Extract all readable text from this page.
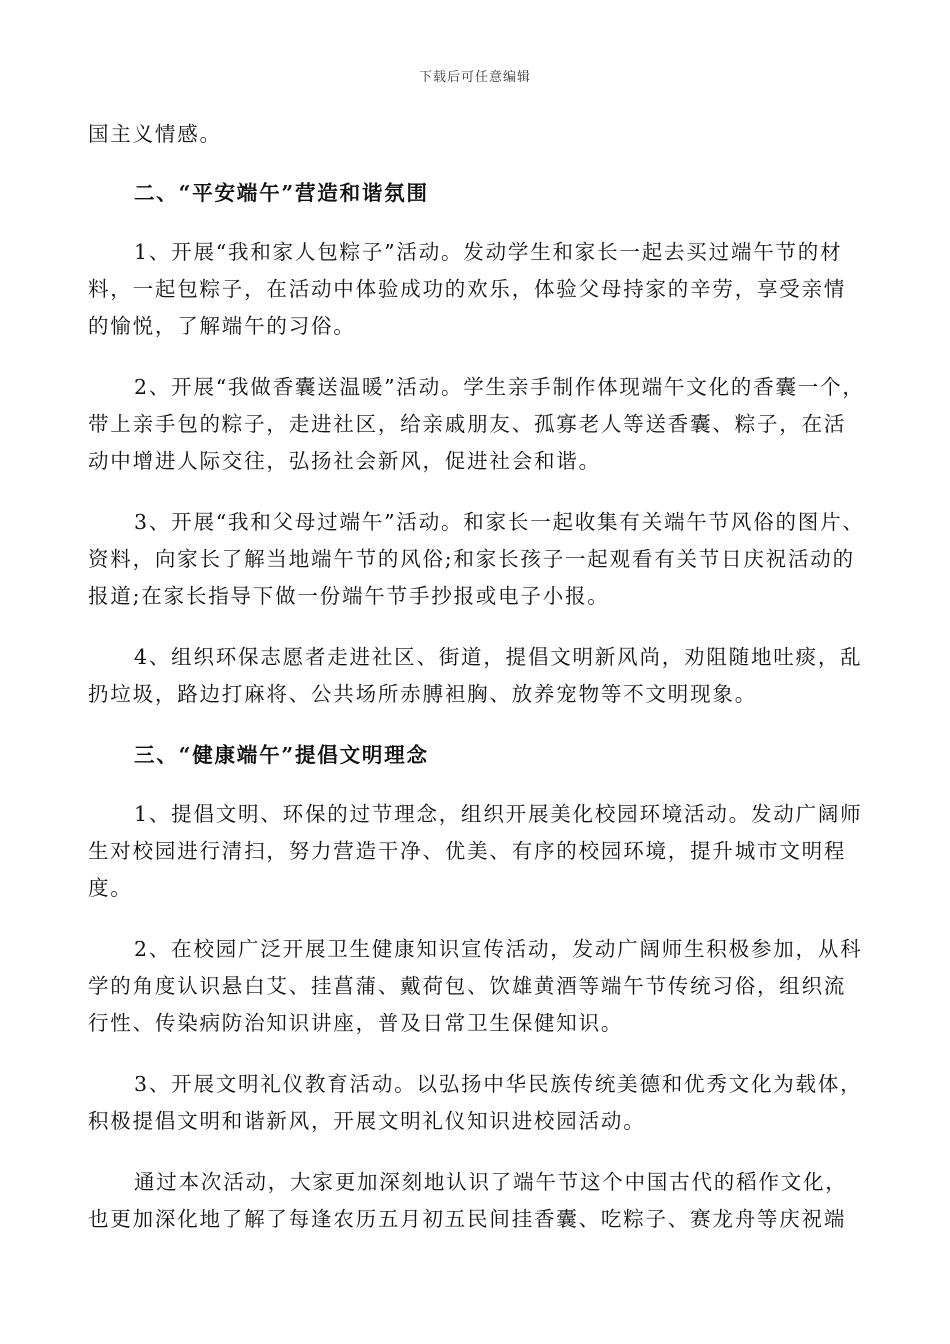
下载后可任意编辑
国主义情感。
二、“平安端午”营造和谐氛围
1、开展“我和家人包粽子”活动。发动学生和家长一起去买过端午节的材
料，一起包粽子，在活动中体验成功的欢乐，体验父母持家的辛劳，享受亲情
的愉悦，了解端午的习俗。
2、开展“我做香囊送温暖”活动。学生亲手制作体现端午文化的香囊一个，
带上亲手包的粽子，走进社区，给亲戚朋友、孤寡老人等送香囊、粽子，在活
动中增进人际交往，弘扬社会新风，促进社会和谐。
3、开展“我和父母过端午”活动。和家长一起收集有关端午节风俗的图片、
资料，向家长了解当地端午节的风俗;和家长孩子一起观看有关节日庆祝活动的
报道;在家长指导下做一份端午节手抄报或电子小报。
4、组织环保志愿者走进社区、街道，提倡文明新风尚，劝阻随地吐痰，乱
扔垃圾，路边打麻将、公共场所赤膊袒胸、放养宠物等不文明现象。
三、“健康端午”提倡文明理念
1、提倡文明、环保的过节理念，组织开展美化校园环境活动。发动广阔师
生对校园进行清扫，努力营造干净、优美、有序的校园环境，提升城市文明程
度。
2、在校园广泛开展卫生健康知识宣传活动，发动广阔师生积极参加，从科
学的角度认识悬白艾、挂菖蒲、戴荷包、饮雄黄酒等端午节传统习俗，组织流
行性、传染病防治知识讲座，普及日常卫生保健知识。
3、开展文明礼仪教育活动。以弘扬中华民族传统美德和优秀文化为载体，
积极提倡文明和谐新风，开展文明礼仪知识进校园活动。
通过本次活动，大家更加深刻地认识了端午节这个中国古代的稻作文化，
也更加深化地了解了每逢农历五月初五民间挂香囊、吃粽子、赛龙舟等庆祝端
